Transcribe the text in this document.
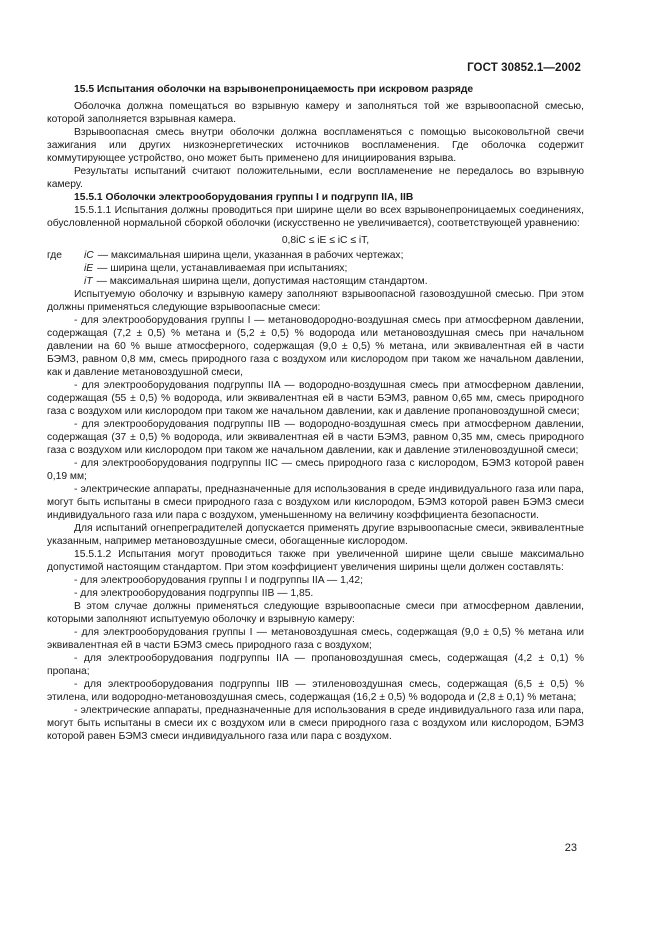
ГОСТ 30852.1—2002

15.5 Испытания оболочки на взрывонепроницаемость при искровом разряде

Оболочка должна помещаться во взрывную камеру и заполняться той же взрывоопасной смесью, которой заполняется взрывная камера.

Взрывоопасная смесь внутри оболочки должна воспламеняться с помощью высоковольтной свечи зажигания или других низкоэнергетических источников воспламенения. Где оболочка содержит коммутирующее устройство, оно может быть применено для инициирования взрыва.

Результаты испытаний считают положительными, если воспламенение не передалось во взрывную камеру.

15.5.1 Оболочки электрооборудования группы I и подгрупп IIA, IIB

15.5.1.1 Испытания должны проводиться при ширине щели во всех взрывонепроницаемых соединениях, обусловленной нормальной сборкой оболочки (искусственно не увеличивается), соответствующей уравнению:

0,8iC ≤ iE ≤ iC ≤ iT,

где	iC — максимальная ширина щели, указанная в рабочих чертежах;
iE — ширина щели, устанавливаемая при испытаниях;
iT — максимальная ширина щели, допустимая настоящим стандартом.

Испытуемую оболочку и взрывную камеру заполняют взрывоопасной газовоздушной смесью. При этом должны применяться следующие взрывоопасные смеси:

- для электрооборудования группы I — метановодородно-воздушная смесь при атмосферном давлении, содержащая (7,2 ± 0,5) % метана и (5,2 ± 0,5) % водорода или метановоздушная смесь при начальном давлении на 60 % выше атмосферного, содержащая (9,0 ± 0,5) % метана, или эквивалентная ей в части БЭМЗ, равном 0,8 мм, смесь природного газа с воздухом или кислородом при таком же начальном давлении, как и давление метановоздушной смеси,

- для электрооборудования подгруппы IIA — водородно-воздушная смесь при атмосферном давлении, содержащая (55 ± 0,5) % водорода, или эквивалентная ей в части БЭМЗ, равном 0,65 мм, смесь природного газа с воздухом или кислородом при таком же начальном давлении, как и давление пропановоздушной смеси;

- для электрооборудования подгруппы IIB — водородно-воздушная смесь при атмосферном давлении, содержащая (37 ± 0,5) % водорода, или эквивалентная ей в части БЭМЗ, равном 0,35 мм, смесь природного газа с воздухом или кислородом при таком же начальном давлении, как и давление этиленовоздушной смеси;

- для электрооборудования подгруппы IIC — смесь природного газа с кислородом, БЭМЗ которой равен 0,19 мм;

- электрические аппараты, предназначенные для использования в среде индивидуального газа или пара, могут быть испытаны в смеси природного газа с воздухом или кислородом, БЭМЗ которой равен БЭМЗ смеси индивидуального газа или пара с воздухом, уменьшенному на величину коэффициента безопасности.

Для испытаний огнепреградителей допускается применять другие взрывоопасные смеси, эквивалентные указанным, например метановоздушные смеси, обогащенные кислородом.

15.5.1.2 Испытания могут проводиться также при увеличенной ширине щели свыше максимально допустимой настоящим стандартом. При этом коэффициент увеличения ширины щели должен составлять:

- для электрооборудования группы I и подгруппы IIA — 1,42;

- для электрооборудования подгруппы IIB — 1,85.

В этом случае должны применяться следующие взрывоопасные смеси при атмосферном давлении, которыми заполняют испытуемую оболочку и взрывную камеру:

- для электрооборудования группы I — метановоздушная смесь, содержащая (9,0 ± 0,5) % метана или эквивалентная ей в части БЭМЗ смесь природного газа с воздухом;

- для электрооборудования подгруппы IIA — пропановоздушная смесь, содержащая (4,2 ± 0,1) % пропана;

- для электрооборудования подгруппы IIB — этиленовоздушная смесь, содержащая (6,5 ± 0,5) % этилена, или водородно-метановоздушная смесь, содержащая (16,2 ± 0,5) % водорода и (2,8 ± 0,1) % метана;

- электрические аппараты, предназначенные для использования в среде индивидуального газа или пара, могут быть испытаны в смеси их с воздухом или в смеси природного газа с воздухом или кислородом, БЭМЗ которой равен БЭМЗ смеси индивидуального газа или пара с воздухом.

23
